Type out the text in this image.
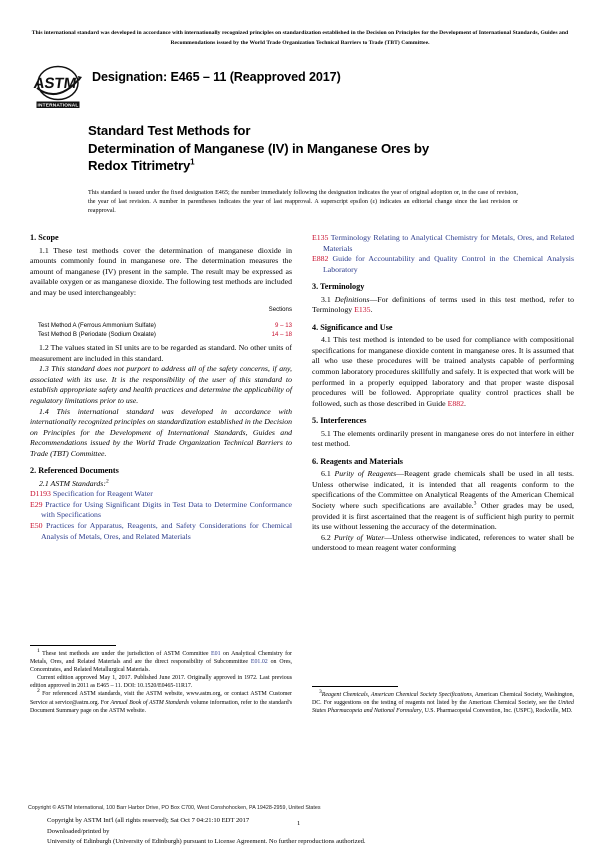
This international standard was developed in accordance with internationally recognized principles on standardization established in the Decision on Principles for the Development of International Standards, Guides and Recommendations issued by the World Trade Organization Technical Barriers to Trade (TBT) Committee.
ASTM
INTERNATIONAL
Designation: E465 – 11 (Reapproved 2017)
Standard Test Methods for
Determination of Manganese (IV) in Manganese Ores by
Redox Titrimetry$^1$
This standard is issued under the fixed designation E465; the number immediately following the designation indicates the year of original adoption or, in the case of revision, the year of last revision. A number in parentheses indicates the year of last reapproval. A superscript epsilon (ε) indicates an editorial change since the last revision or reapproval.
1. Scope

1.1 These test methods cover the determination of manganese dioxide in amounts commonly found in manganese ore. The determination measures the amount of manganese (IV) present in the sample. The result may be expressed as available oxygen or as manganese dioxide. The following test methods are included and may be used interchangeably:

	Sections
Test Method A (Ferrous Ammonium Sulfate)	9 – 13
Test Method B (Periodate (Sodium Oxalate)	14 – 18

1.2 The values stated in SI units are to be regarded as standard. No other units of measurement are included in this standard.

1.3 This standard does not purport to address all of the safety concerns, if any, associated with its use. It is the responsibility of the user of this standard to establish appropriate safety and health practices and determine the applicability of regulatory limitations prior to use.

1.4 This international standard was developed in accordance with internationally recognized principles on standardization established in the Decision on Principles for the Development of International Standards, Guides and Recommendations issued by the World Trade Organization Technical Barriers to Trade (TBT) Committee.

2. Referenced Documents

2.1 ASTM Standards:$^2$

D1193 Specification for Reagent Water

E29 Practice for Using Significant Digits in Test Data to Determine Conformance with Specifications

E50 Practices for Apparatus, Reagents, and Safety Considerations for Chemical Analysis of Metals, Ores, and Related Materials

E135 Terminology Relating to Analytical Chemistry for Metals, Ores, and Related Materials

E882 Guide for Accountability and Quality Control in the Chemical Analysis Laboratory

3. Terminology

3.1 Definitions—For definitions of terms used in this test method, refer to Terminology E135.

4. Significance and Use

4.1 This test method is intended to be used for compliance with compositional specifications for manganese dioxide content in manganese ores. It is assumed that all who use these procedures will be trained analysts capable of performing common laboratory procedures skillfully and safely. It is expected that work will be performed in a properly equipped laboratory and that proper waste disposal procedures will be followed. Appropriate quality control practices shall be followed, such as those described in Guide E882.

5. Interferences

5.1 The elements ordinarily present in manganese ores do not interfere in either test method.

6. Reagents and Materials

6.1 Purity of Reagents—Reagent grade chemicals shall be used in all tests. Unless otherwise indicated, it is intended that all reagents conform to the specifications of the Committee on Analytical Reagents of the American Chemical Society where such specifications are available.$^3$ Other grades may be used, provided it is first ascertained that the reagent is of sufficient high purity to permit its use without lessening the accuracy of the determination.

6.2 Purity of Water—Unless otherwise indicated, references to water shall be understood to mean reagent water conforming

$^1$ These test methods are under the jurisdiction of ASTM Committee E01 on Analytical Chemistry for Metals, Ores, and Related Materials and are the direct responsibility of Subcommittee E01.02 on Ores, Concentrates, and Related Metallurgical Materials.

Current edition approved May 1, 2017. Published June 2017. Originally approved in 1972. Last previous edition approved in 2011 as E465 – 11. DOI: 10.1520/E0465-11R17.

$^2$ For referenced ASTM standards, visit the ASTM website, www.astm.org, or contact ASTM Customer Service at service@astm.org. For Annual Book of ASTM Standards volume information, refer to the standard's Document Summary page on the ASTM website.

$^3$Reagent Chemicals, American Chemical Society Specifications, American Chemical Society, Washington, DC. For suggestions on the testing of reagents not listed by the American Chemical Society, see the United States Pharmacopeia and National Formulary, U.S. Pharmacopeial Convention, Inc. (USPC), Rockville, MD.

Copyright © ASTM International, 100 Barr Harbor Drive, PO Box C700, West Conshohocken, PA 19428-2959, United States
Copyright by ASTM Int'l (all rights reserved); Sat Oct 7 04:21:10 EDT 2017
Downloaded/printed by
University of Edinburgh (University of Edinburgh) pursuant to License Agreement. No further reproductions authorized.
1
